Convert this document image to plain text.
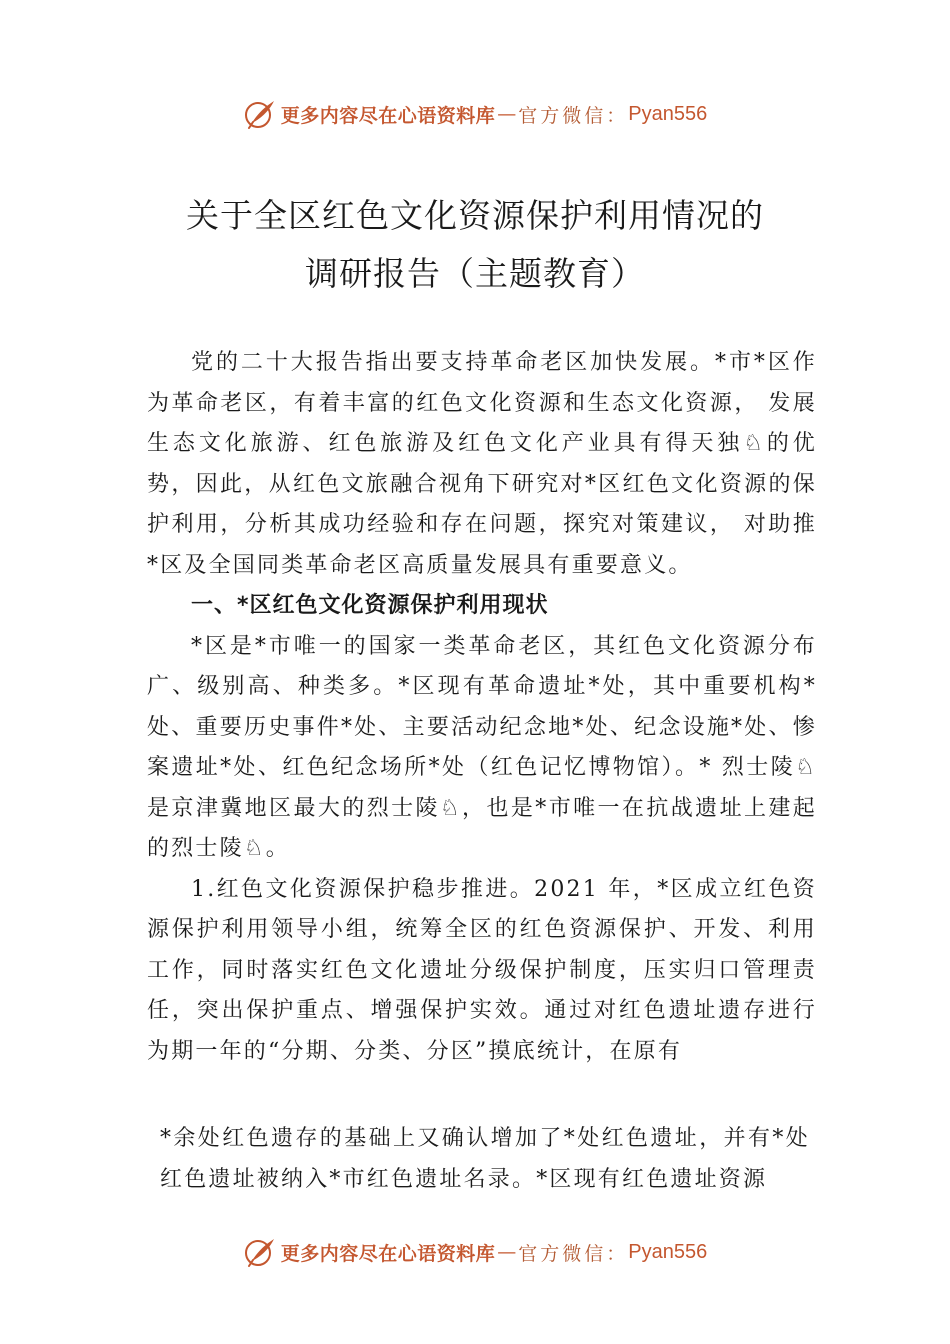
更多内容尽在心语资料库 — 官方微信： Pyan556
关于全区红色文化资源保护利用情况的
调研报告（主题教育）

党的二十大报告指出要支持革命老区加快发展。*市*区作为革命老区，有着丰富的红色文化资源和生态文化资源， 发展生态文化旅游、红色旅游及红色文化产业具有得天独♘的优势，因此，从红色文旅融合视角下研究对*区红色文化资源的保护利用，分析其成功经验和存在问题，探究对策建议， 对助推*区及全国同类革命老区高质量发展具有重要意义。

一、*区红色文化资源保护利用现状

*区是*市唯一的国家一类革命老区，其红色文化资源分布广、级别高、种类多。*区现有革命遗址*处，其中重要机构*处、重要历史事件*处、主要活动纪念地*处、纪念设施*处、惨案遗址*处、红色纪念场所*处（红色记忆博物馆）。* 烈士陵♘是京津冀地区最大的烈士陵♘，也是*市唯一在抗战遗址上建起的烈士陵♘。

1.红色文化资源保护稳步推进。2021 年，*区成立红色资源保护利用领导小组，统筹全区的红色资源保护、开发、利用工作，同时落实红色文化遗址分级保护制度，压实归口管理责任，突出保护重点、增强保护实效。通过对红色遗址遗存进行为期一年的“分期、分类、分区”摸底统计，在原有

*余处红色遗存的基础上又确认增加了*处红色遗址，并有*处红色遗址被纳入*市红色遗址名录。*区现有红色遗址资源
更多内容尽在心语资料库 — 官方微信： Pyan556
